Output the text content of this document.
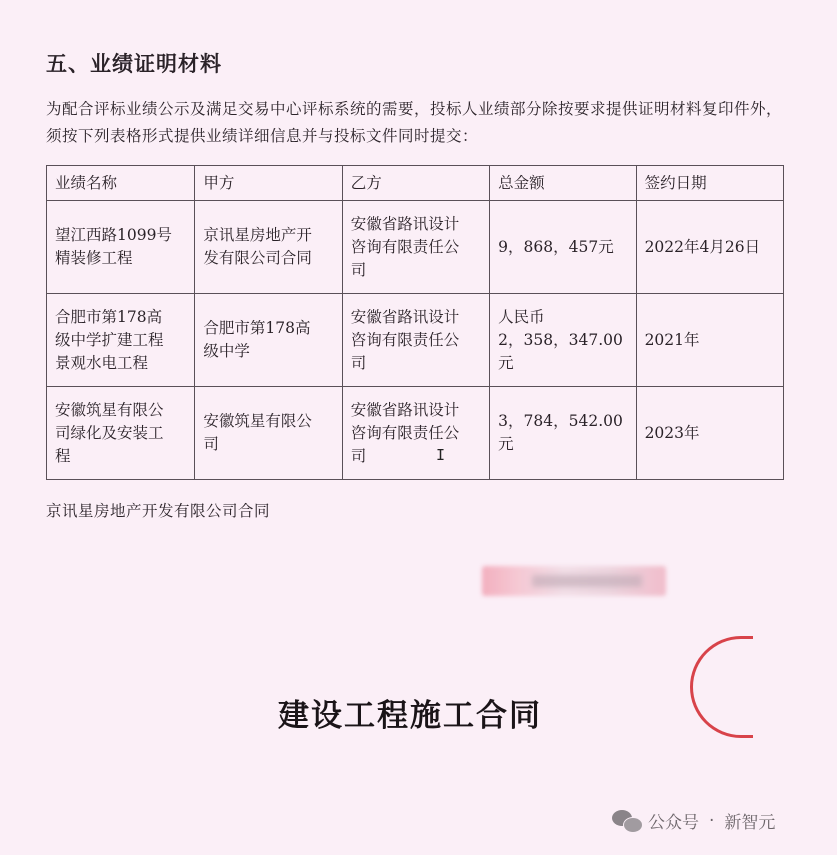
五、业绩证明材料

为配合评标业绩公示及满足交易中心评标系统的需要，投标人业绩部分除按要求提供证明材料复印件外，须按下列表格形式提供业绩详细信息并与投标文件同时提交：

业绩名称	甲方	乙方	总金额	签约日期

望江西路1099号
精装修工程	京讯星房地产开
发有限公司合同	安徽省路讯设计
咨询有限责任公
司	9，868，457元	2022年4月26日

合肥市第178高
级中学扩建工程
景观水电工程	合肥市第178高
级中学	安徽省路讯设计
咨询有限责任公
司	人民币
2，358，347.00元	2021年

安徽筑星有限公
司绿化及安装工
程	安徽筑星有限公
司	安徽省路讯设计
咨询有限责任公
司	3，784，542.00元	2023年
I

京讯星房地产开发有限公司合同

建设工程施工合同
公众号 · 新智元
